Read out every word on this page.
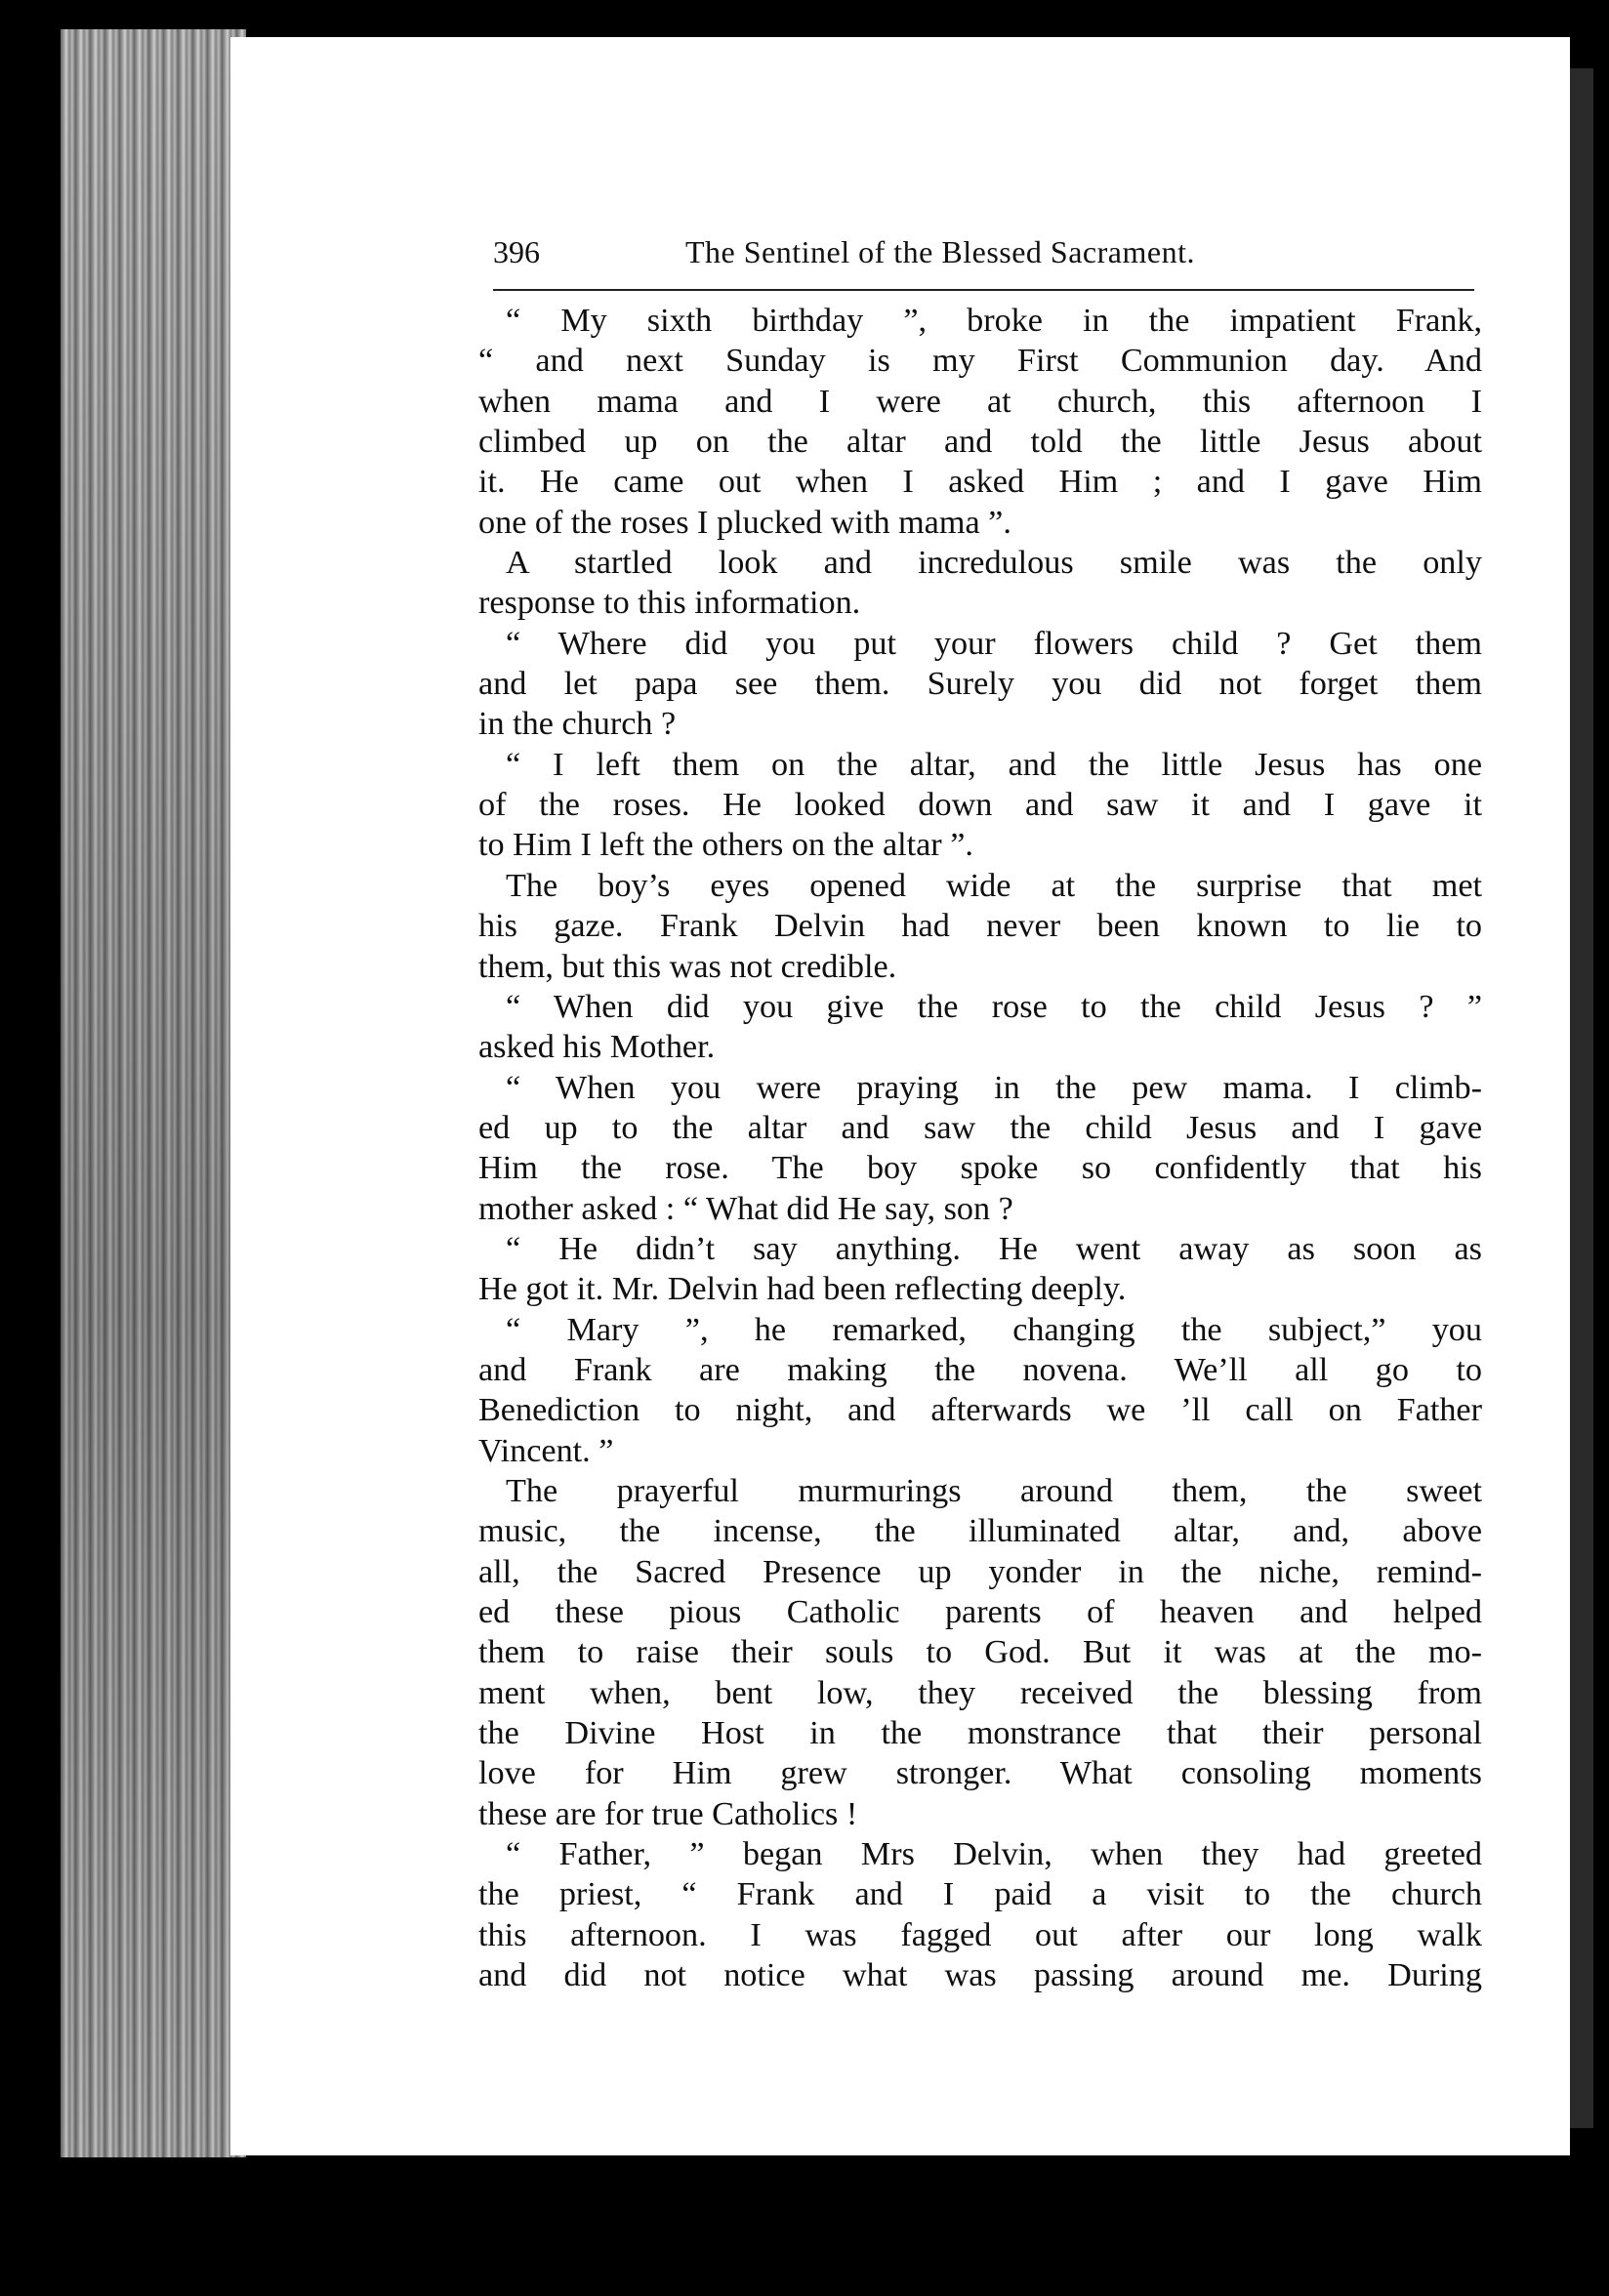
396	The Sentinel of the Blessed Sacrament.
“ My sixth birthday ”, broke in the impatient Frank,
“ and next Sunday is my First Communion day. And
when mama and I were at church, this afternoon I
climbed up on the altar and told the little Jesus about
it. He came out when I asked Him ; and I gave Him
one of the roses I plucked with mama ”.
A startled look and incredulous smile was the only
response to this information.
“ Where did you put your flowers child ? Get them
and let papa see them. Surely you did not forget them
in the church ?
“ I left them on the altar, and the little Jesus has one
of the roses. He looked down and saw it and I gave it
to Him I left the others on the altar ”.
The boy’s eyes opened wide at the surprise that met
his gaze. Frank Delvin had never been known to lie to
them, but this was not credible.
“ When did you give the rose to the child Jesus ? ”
asked his Mother.
“ When you were praying in the pew mama. I climb-
ed up to the altar and saw the child Jesus and I gave
Him the rose. The boy spoke so confidently that his
mother asked : “ What did He say, son ?
“ He didn’t say anything. He went away as soon as
He got it. Mr. Delvin had been reflecting deeply.
“ Mary ”, he remarked, changing the subject,” you
and Frank are making the novena. We’ll all go to
Benediction to night, and afterwards we ’ll call on Father
Vincent. ”
The prayerful murmurings around them, the sweet
music, the incense, the illuminated altar, and, above
all, the Sacred Presence up yonder in the niche, remind-
ed these pious Catholic parents of heaven and helped
them to raise their souls to God. But it was at the mo-
ment when, bent low, they received the blessing from
the Divine Host in the monstrance that their personal
love for Him grew stronger. What consoling moments
these are for true Catholics !
“ Father, ” began Mrs Delvin, when they had greeted
the priest, “ Frank and I paid a visit to the church
this afternoon. I was fagged out after our long walk
and did not notice what was passing around me. During
